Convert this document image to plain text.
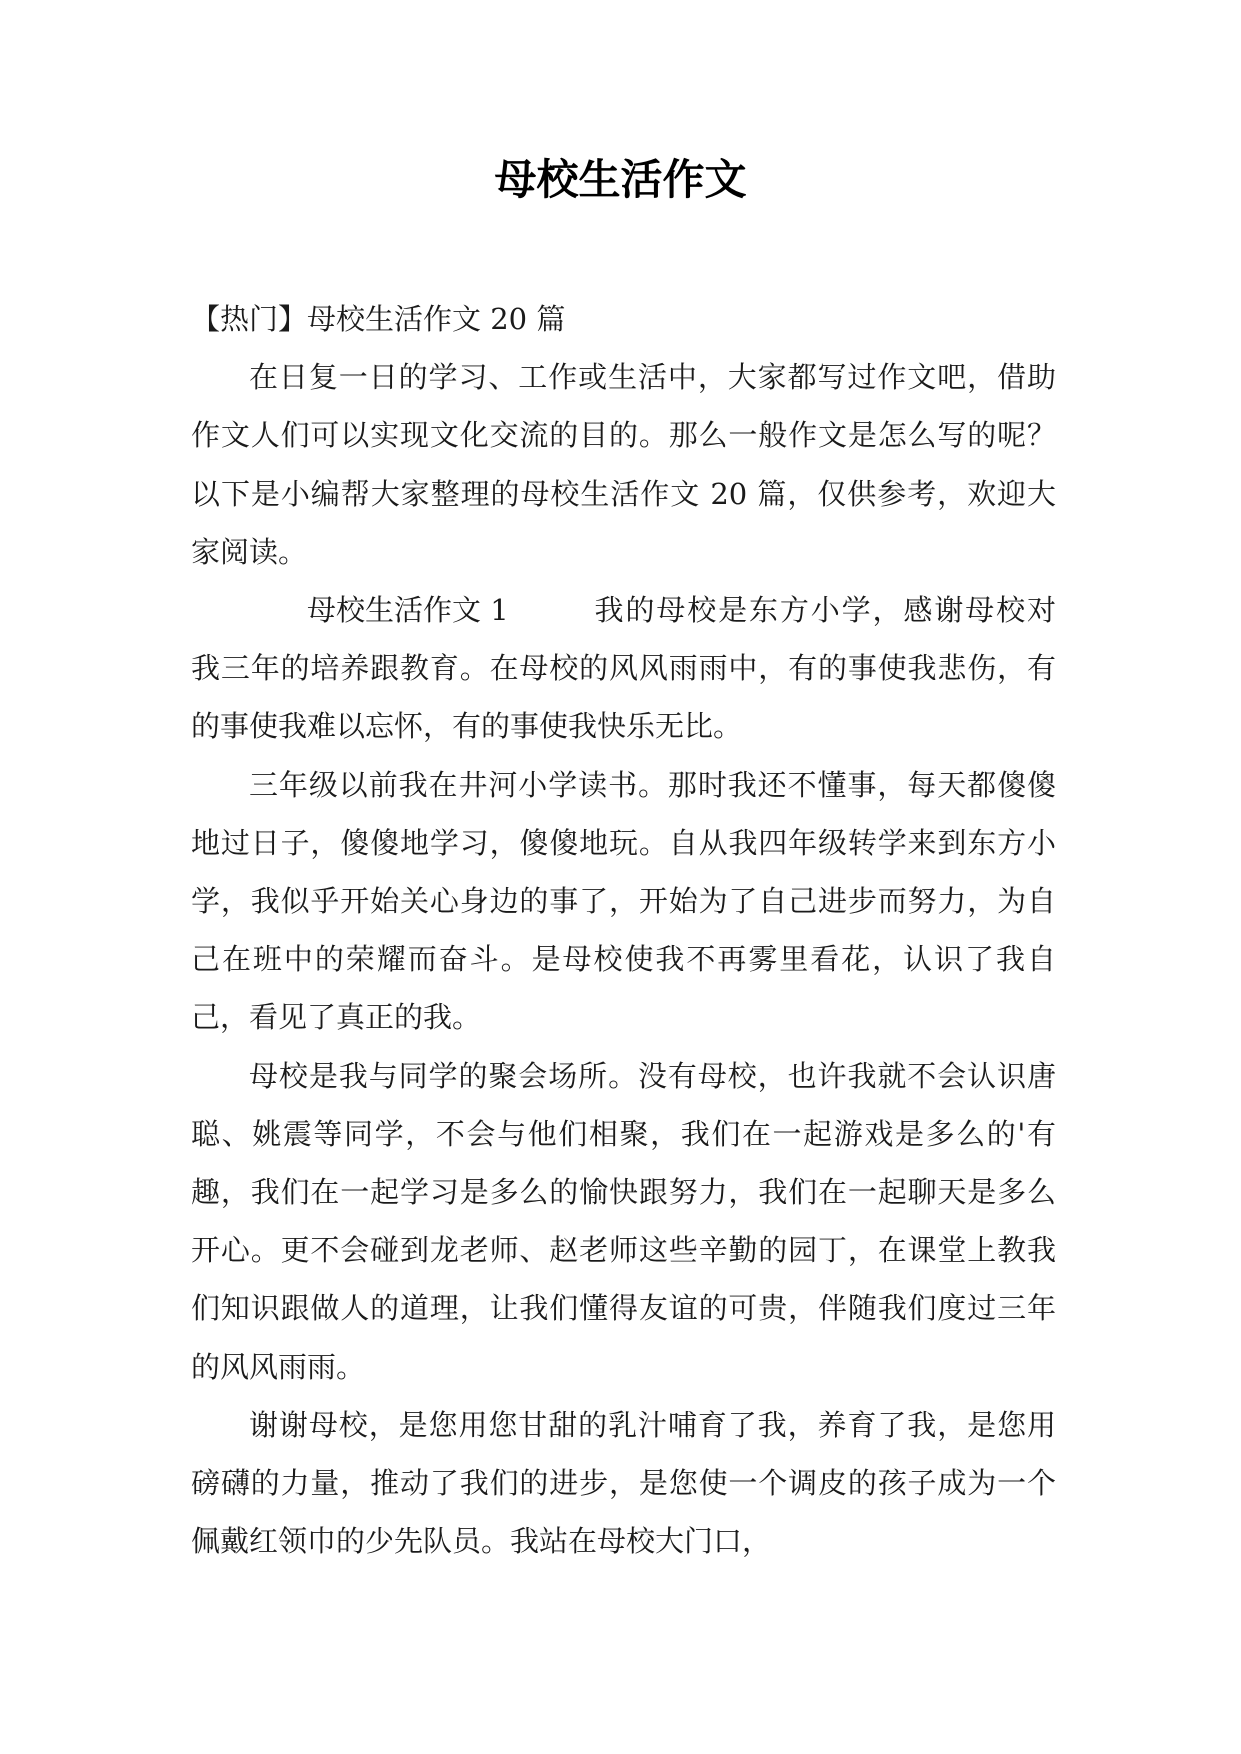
母校生活作文

【热门】母校生活作文 20 篇

在日复一日的学习、工作或生活中，大家都写过作文吧，借助作文人们可以实现文化交流的目的。那么一般作文是怎么写的呢？以下是小编帮大家整理的母校生活作文 20 篇，仅供参考，欢迎大家阅读。

母校生活作文 1	我的母校是东方小学，感谢母校对我三年的培养跟教育。在母校的风风雨雨中，有的事使我悲伤，有的事使我难以忘怀，有的事使我快乐无比。

三年级以前我在井河小学读书。那时我还不懂事，每天都傻傻地过日子，傻傻地学习，傻傻地玩。自从我四年级转学来到东方小学，我似乎开始关心身边的事了，开始为了自己进步而努力，为自己在班中的荣耀而奋斗。是母校使我不再雾里看花，认识了我自己，看见了真正的我。

母校是我与同学的聚会场所。没有母校，也许我就不会认识唐聪、姚震等同学，不会与他们相聚，我们在一起游戏是多么的'有趣，我们在一起学习是多么的愉快跟努力，我们在一起聊天是多么开心。更不会碰到龙老师、赵老师这些辛勤的园丁，在课堂上教我们知识跟做人的道理，让我们懂得友谊的可贵，伴随我们度过三年的风风雨雨。

谢谢母校，是您用您甘甜的乳汁哺育了我，养育了我，是您用磅礴的力量，推动了我们的进步，是您使一个调皮的孩子成为一个佩戴红领巾的少先队员。我站在母校大门口，
